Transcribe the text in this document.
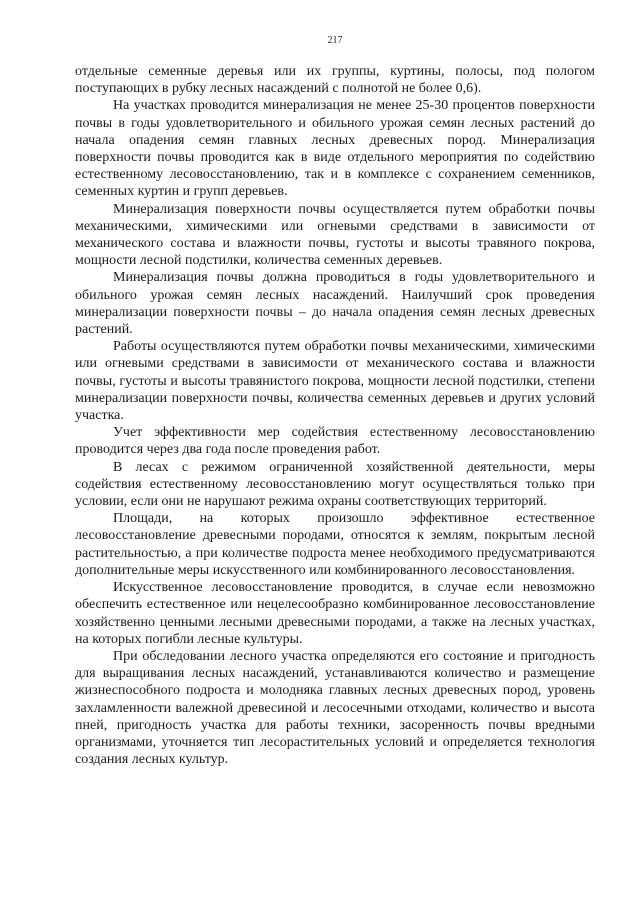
217

отдельные семенные деревья или их группы, куртины, полосы, под пологом поступающих в рубку лесных насаждений с полнотой не более 0,6).

На участках проводится минерализация не менее 25-30 процентов поверхности почвы в годы удовлетворительного и обильного урожая семян лесных растений до начала опадения семян главных лесных древесных пород. Минерализация поверхности почвы проводится как в виде отдельного мероприятия по содействию естественному лесовосстановлению, так и в комплексе с сохранением семенников, семенных куртин и групп деревьев.

Минерализация поверхности почвы осуществляется путем обработки почвы механическими, химическими или огневыми средствами в зависимости от механического состава и влажности почвы, густоты и высоты травяного покрова, мощности лесной подстилки, количества семенных деревьев.

Минерализация почвы должна проводиться в годы удовлетворительного и обильного урожая семян лесных насаждений. Наилучший срок проведения минерализации поверхности почвы – до начала опадения семян лесных древесных растений.

Работы осуществляются путем обработки почвы механическими, химическими или огневыми средствами в зависимости от механического состава и влажности почвы, густоты и высоты травянистого покрова, мощности лесной подстилки, степени минерализации поверхности почвы, количества семенных деревьев и других условий участка.

Учет эффективности мер содействия естественному лесовосстановлению проводится через два года после проведения работ.

В лесах с режимом ограниченной хозяйственной деятельности, меры содействия естественному лесовосстановлению могут осуществляться только при условии, если они не нарушают режима охраны соответствующих территорий.

Площади, на которых произошло эффективное естественное лесовосстановление древесными породами, относятся к землям, покрытым лесной растительностью, а при количестве подроста менее необходимого предусматриваются дополнительные меры искусственного или комбинированного лесовосстановления.

Искусственное лесовосстановление проводится, в случае если невозможно обеспечить естественное или нецелесообразно комбинированное лесовосстановление хозяйственно ценными лесными древесными породами, а также на лесных участках, на которых погибли лесные культуры.

При обследовании лесного участка определяются его состояние и пригодность для выращивания лесных насаждений, устанавливаются количество и размещение жизнеспособного подроста и молодняка главных лесных древесных пород, уровень захламленности валежной древесиной и лесосечными отходами, количество и высота пней, пригодность участка для работы техники, засоренность почвы вредными организмами, уточняется тип лесорастительных условий и определяется технология создания лесных культур.
